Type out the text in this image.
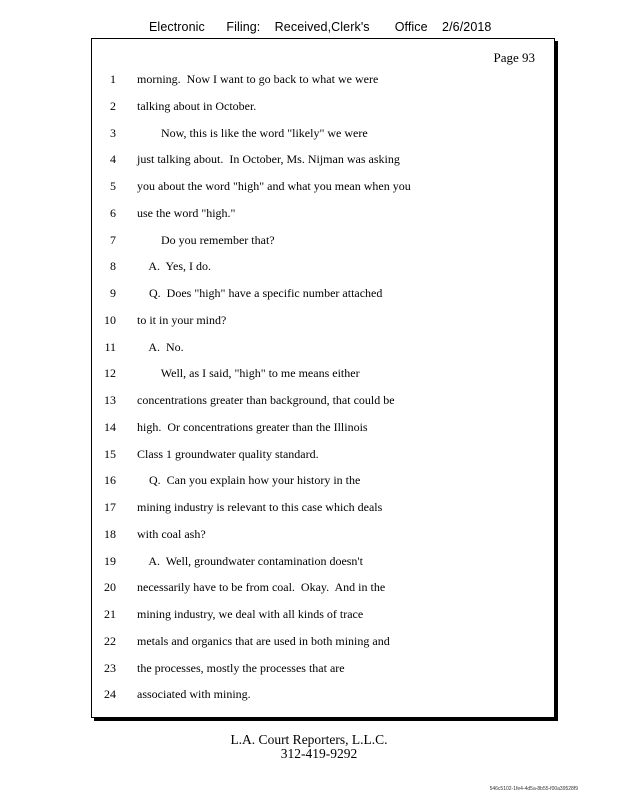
Electronic Filing: Received,Clerk's Office 2/6/2018
Page 93
1 morning.  Now I want to go back to what we were
2 talking about in October.
3 Now, this is like the word "likely" we were
4 just talking about.  In October, Ms. Nijman was asking
5 you about the word "high" and what you mean when you
6 use the word "high."
7 Do you remember that?
8 A.  Yes, I do.
9 Q.  Does "high" have a specific number attached
10 to it in your mind?
11 A.  No.
12 Well, as I said, "high" to me means either
13 concentrations greater than background, that could be
14 high.  Or concentrations greater than the Illinois
15 Class 1 groundwater quality standard.
16 Q.  Can you explain how your history in the
17 mining industry is relevant to this case which deals
18 with coal ash?
19 A.  Well, groundwater contamination doesn't
20 necessarily have to be from coal.  Okay.  And in the
21 mining industry, we deal with all kinds of trace
22 metals and organics that are used in both mining and
23 the processes, mostly the processes that are
24 associated with mining.
L.A. Court Reporters, L.L.C.
312-419-9292
546c5102-1fe4-4d5a-8b55-f00a39528f9
